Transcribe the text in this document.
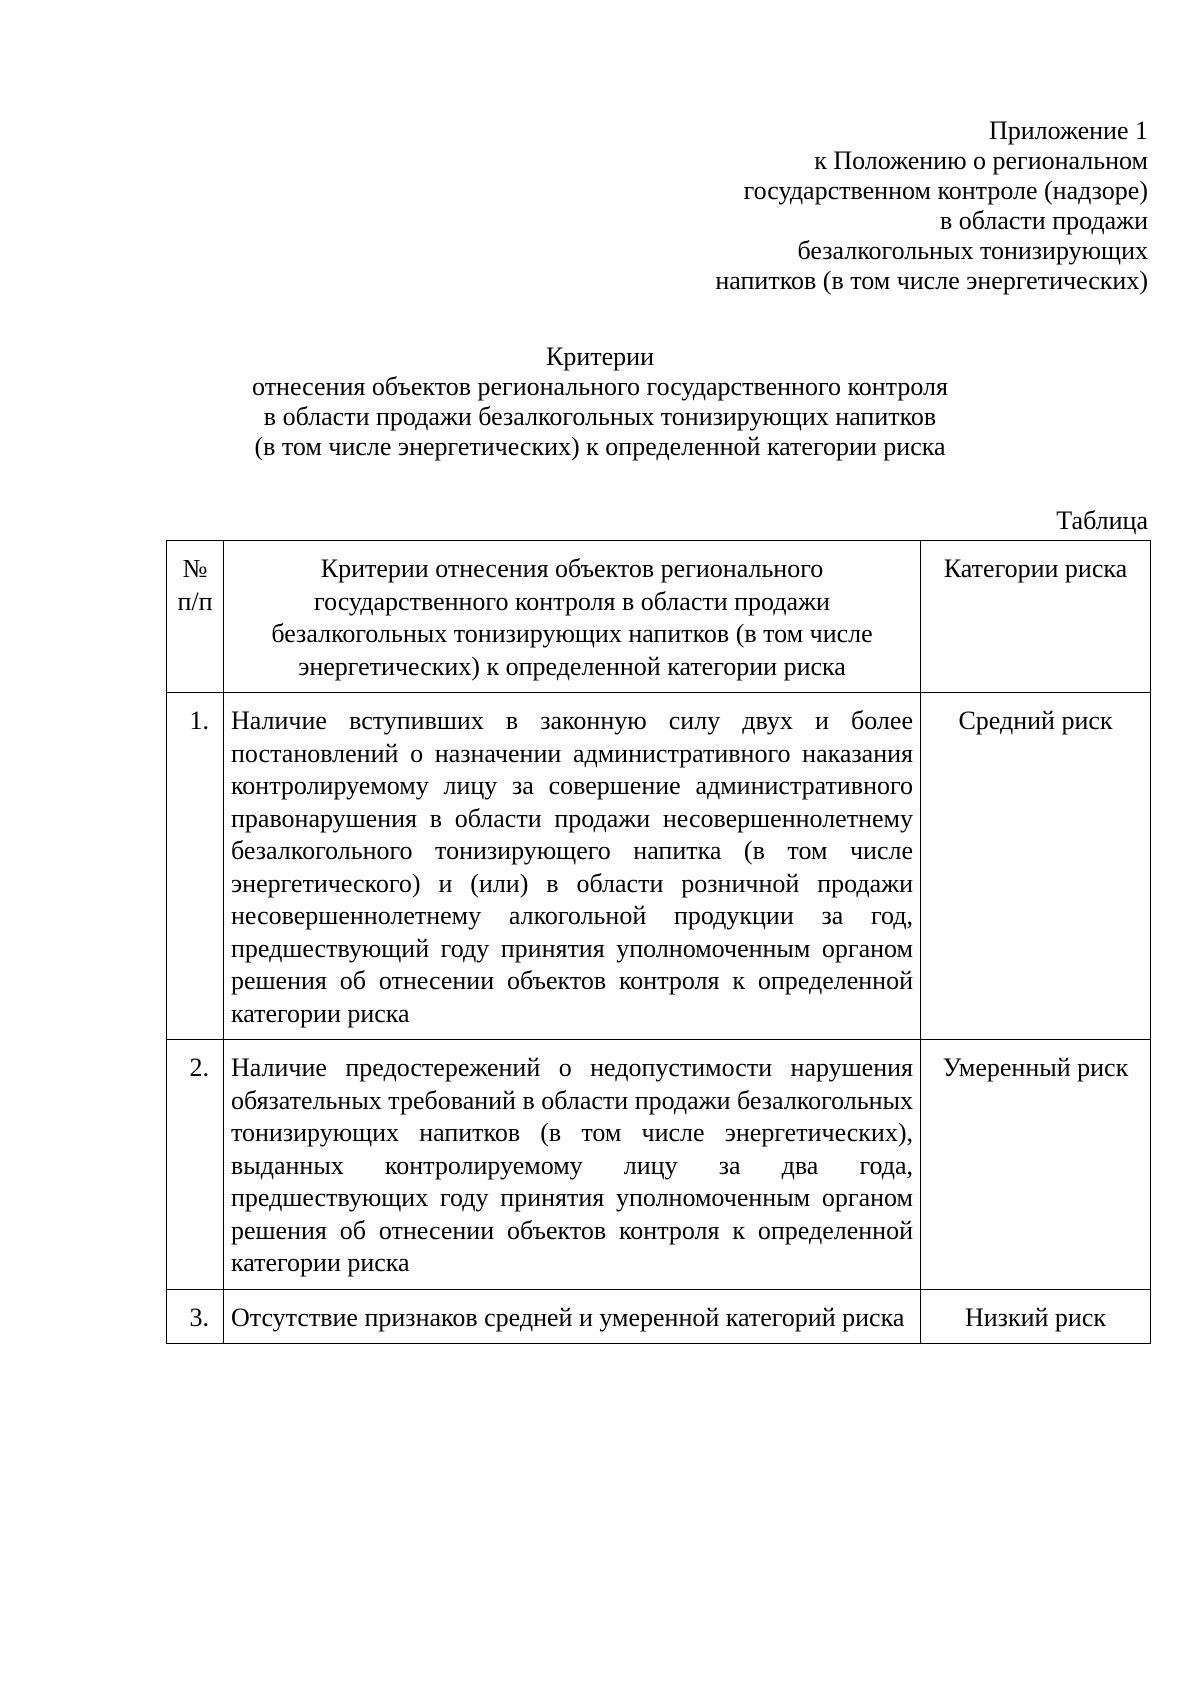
Приложение 1
к Положению о региональном
государственном контроле (надзоре)
в области продажи
безалкогольных тонизирующих
напитков (в том числе энергетических)
Критерии
отнесения объектов регионального государственного контроля
в области продажи безалкогольных тонизирующих напитков
(в том числе энергетических) к определенной категории риска
Таблица
№ п/п	Критерии отнесения объектов регионального государственного контроля в области продажи безалкогольных тонизирующих напитков (в том числе энергетических) к определенной категории риска	Категории риска
1.	Наличие вступивших в законную силу двух и более постановлений о назначении административного наказания контролируемому лицу за совершение административного правонарушения в области продажи несовершеннолетнему безалкогольного тонизирующего напитка (в том числе энергетического) и (или) в области розничной продажи несовершеннолетнему алкогольной продукции за год, предшествующий году принятия уполномоченным органом решения об отнесении объектов контроля к определенной категории риска	Средний риск
2.	Наличие предостережений о недопустимости нарушения обязательных требований в области продажи безалкогольных тонизирующих напитков (в том числе энергетических), выданных контролируемому лицу за два года, предшествующих году принятия уполномоченным органом решения об отнесении объектов контроля к определенной категории риска	Умеренный риск
3.	Отсутствие признаков средней и умеренной категорий риска	Низкий риск
